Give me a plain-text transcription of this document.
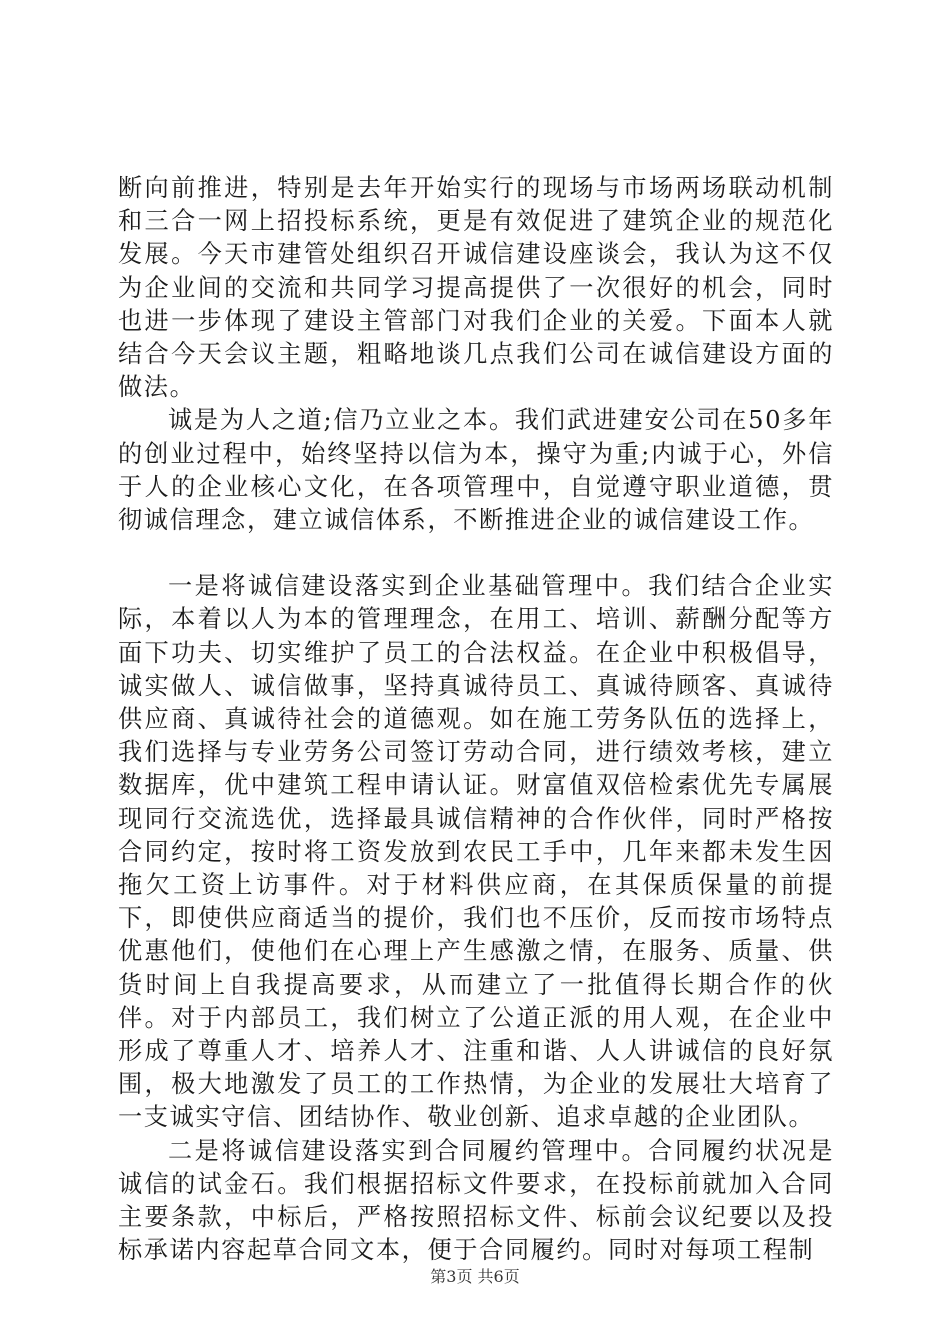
断向前推进，特别是去年开始实行的现场与市场两场联动机制和三合一网上招投标系统，更是有效促进了建筑企业的规范化发展。今天市建管处组织召开诚信建设座谈会，我认为这不仅为企业间的交流和共同学习提高提供了一次很好的机会，同时也进一步体现了建设主管部门对我们企业的关爱。下面本人就结合今天会议主题，粗略地谈几点我们公司在诚信建设方面的做法。

诚是为人之道;信乃立业之本。我们武进建安公司在50多年的创业过程中，始终坚持以信为本，操守为重;内诚于心，外信于人的企业核心文化，在各项管理中，自觉遵守职业道德，贯彻诚信理念，建立诚信体系，不断推进企业的诚信建设工作。

一是将诚信建设落实到企业基础管理中。我们结合企业实际，本着以人为本的管理理念，在用工、培训、薪酬分配等方面下功夫、切实维护了员工的合法权益。在企业中积极倡导，诚实做人、诚信做事，坚持真诚待员工、真诚待顾客、真诚待供应商、真诚待社会的道德观。如在施工劳务队伍的选择上，我们选择与专业劳务公司签订劳动合同，进行绩效考核，建立数据库，优中建筑工程申请认证。财富值双倍检索优先专属展现同行交流选优，选择最具诚信精神的合作伙伴，同时严格按合同约定，按时将工资发放到农民工手中，几年来都未发生因拖欠工资上访事件。对于材料供应商，在其保质保量的前提下，即使供应商适当的提价，我们也不压价，反而按市场特点优惠他们，使他们在心理上产生感激之情，在服务、质量、供货时间上自我提高要求，从而建立了一批值得长期合作的伙伴。对于内部员工，我们树立了公道正派的用人观，在企业中形成了尊重人才、培养人才、注重和谐、人人讲诚信的良好氛围，极大地激发了员工的工作热情，为企业的发展壮大培育了一支诚实守信、团结协作、敬业创新、追求卓越的企业团队。

二是将诚信建设落实到合同履约管理中。合同履约状况是诚信的试金石。我们根据招标文件要求，在投标前就加入合同主要条款，中标后，严格按照招标文件、标前会议纪要以及投标承诺内容起草合同文本，便于合同履约。同时对每项工程制

第3页 共6页
